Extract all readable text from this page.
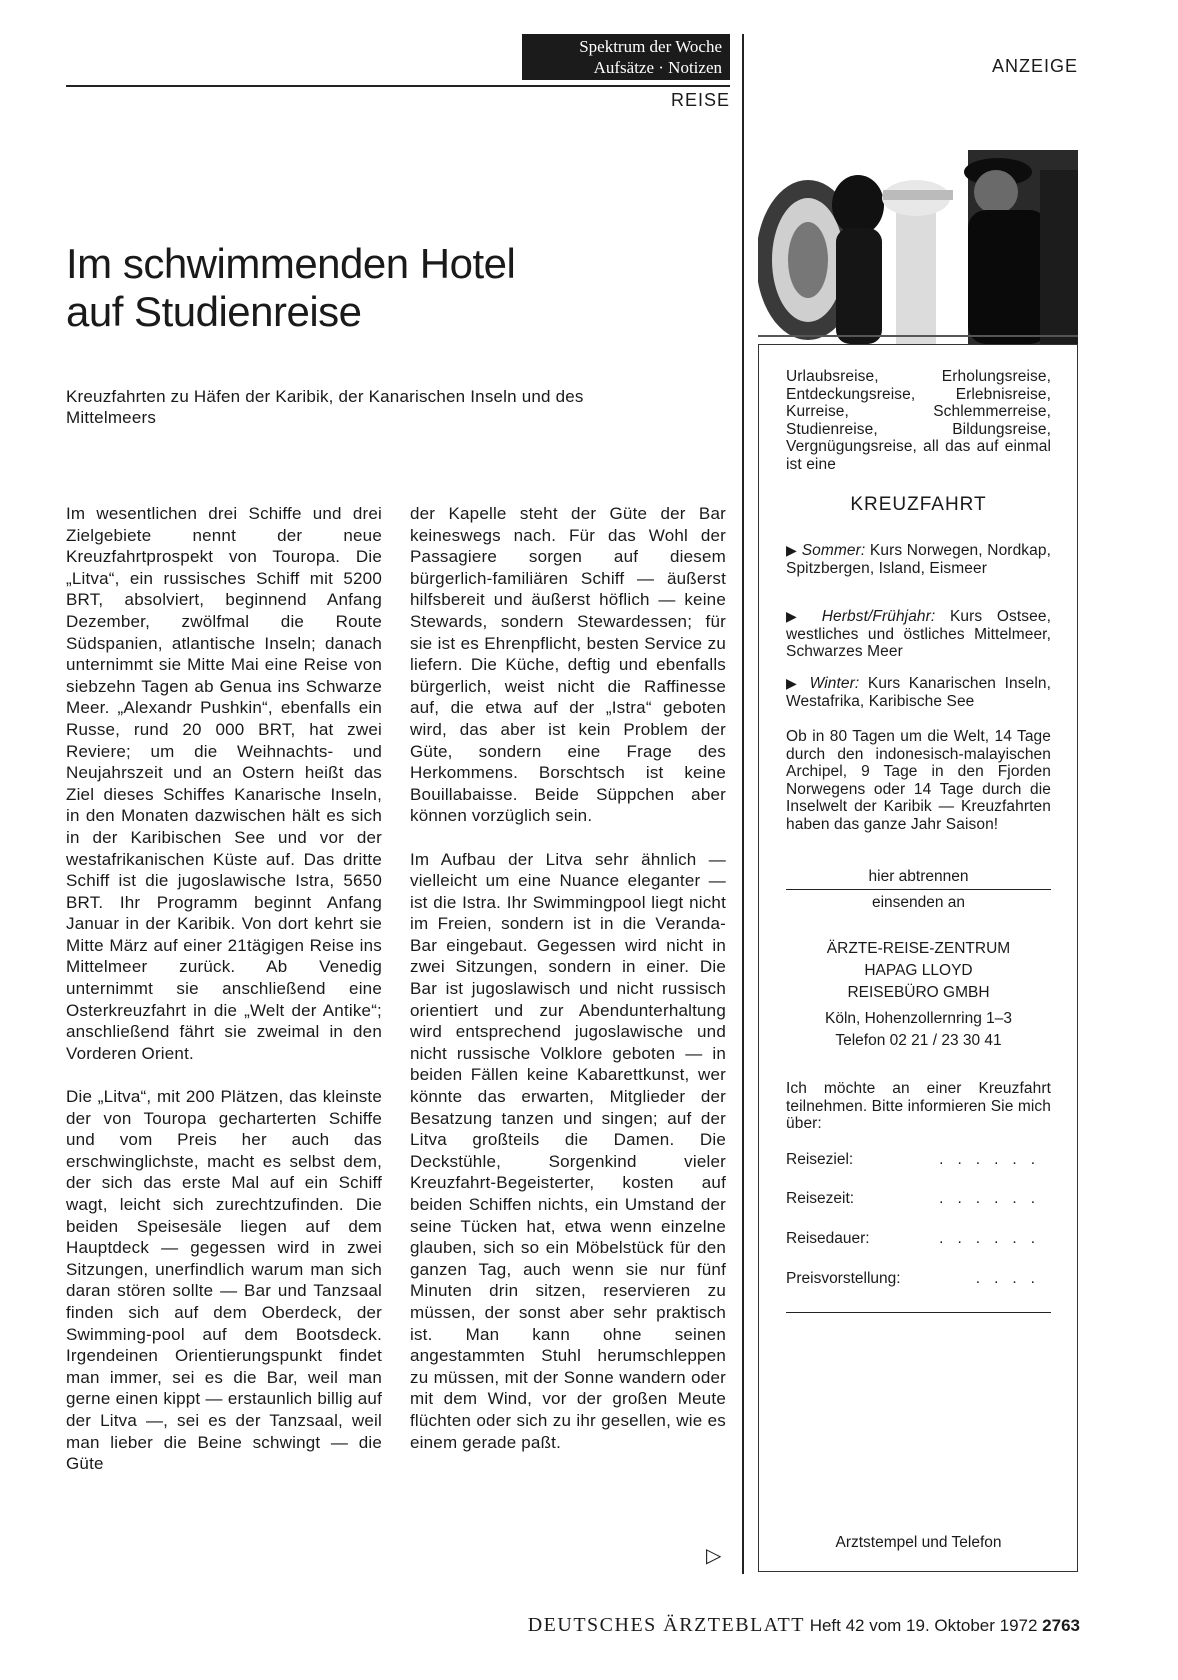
Spektrum der Woche
Aufsätze · Notizen
REISE
ANZEIGE
Im schwimmenden Hotel
auf Studienreise
Kreuzfahrten zu Häfen der Karibik, der Kanarischen Inseln und des Mittelmeers

Im wesentlichen drei Schiffe und drei Zielgebiete nennt der neue Kreuzfahrtprospekt von Touropa. Die „Litva“, ein russisches Schiff mit 5200 BRT, absolviert, beginnend Anfang Dezember, zwölfmal die Route Südspanien, atlantische Inseln; danach unternimmt sie Mitte Mai eine Reise von siebzehn Tagen ab Genua ins Schwarze Meer. „Alexandr Pushkin“, ebenfalls ein Russe, rund 20 000 BRT, hat zwei Reviere; um die Weihnachts- und Neujahrszeit und an Ostern heißt das Ziel dieses Schiffes Kanarische Inseln, in den Monaten dazwischen hält es sich in der Karibischen See und vor der westafrikanischen Küste auf. Das dritte Schiff ist die jugoslawische Istra, 5650 BRT. Ihr Programm beginnt Anfang Januar in der Karibik. Von dort kehrt sie Mitte März auf einer 21tägigen Reise ins Mittelmeer zurück. Ab Venedig unternimmt sie anschließend eine Osterkreuzfahrt in die „Welt der Antike“; anschließend fährt sie zweimal in den Vorderen Orient.

Die „Litva“, mit 200 Plätzen, das kleinste der von Touropa gecharterten Schiffe und vom Preis her auch das erschwinglichste, macht es selbst dem, der sich das erste Mal auf ein Schiff wagt, leicht sich zurechtzufinden. Die beiden Speisesäle liegen auf dem Hauptdeck — gegessen wird in zwei Sitzungen, unerfindlich warum man sich daran stören sollte — Bar und Tanzsaal finden sich auf dem Oberdeck, der Swimming-pool auf dem Bootsdeck. Irgendeinen Orientierungspunkt findet man immer, sei es die Bar, weil man gerne einen kippt — erstaunlich billig auf der Litva —, sei es der Tanzsaal, weil man lieber die Beine schwingt — die Güte

der Kapelle steht der Güte der Bar keineswegs nach. Für das Wohl der Passagiere sorgen auf diesem bürgerlich-familiären Schiff — äußerst hilfsbereit und äußerst höflich — keine Stewards, sondern Stewardessen; für sie ist es Ehrenpflicht, besten Service zu liefern. Die Küche, deftig und ebenfalls bürgerlich, weist nicht die Raffinesse auf, die etwa auf der „Istra“ geboten wird, das aber ist kein Problem der Güte, sondern eine Frage des Herkommens. Borschtsch ist keine Bouillabaisse. Beide Süppchen aber können vorzüglich sein.

Im Aufbau der Litva sehr ähnlich — vielleicht um eine Nuance eleganter — ist die Istra. Ihr Swimmingpool liegt nicht im Freien, sondern ist in die Veranda-Bar eingebaut. Gegessen wird nicht in zwei Sitzungen, sondern in einer. Die Bar ist jugoslawisch und nicht russisch orientiert und zur Abendunterhaltung wird entsprechend jugoslawische und nicht russische Volklore geboten — in beiden Fällen keine Kabarettkunst, wer könnte das erwarten, Mitglieder der Besatzung tanzen und singen; auf der Litva großteils die Damen. Die Deckstühle, Sorgenkind vieler Kreuzfahrt-Begeisterter, kosten auf beiden Schiffen nichts, ein Umstand der seine Tücken hat, etwa wenn einzelne glauben, sich so ein Möbelstück für den ganzen Tag, auch wenn sie nur fünf Minuten drin sitzen, reservieren zu müssen, der sonst aber sehr praktisch ist. Man kann ohne seinen angestammten Stuhl herumschleppen zu müssen, mit der Sonne wandern oder mit dem Wind, vor der großen Meute flüchten oder sich zu ihr gesellen, wie es einem gerade paßt.

▷
Urlaubsreise, Erholungsreise, Entdeckungsreise, Erlebnisreise, Kurreise, Schlemmerreise, Studienreise, Bildungsreise, Vergnügungsreise, all das auf einmal ist eine
KREUZFAHRT
▶ Sommer: Kurs Norwegen, Nordkap, Spitzbergen, Island, Eismeer
▶ Herbst/Frühjahr: Kurs Ostsee, westliches und östliches Mittelmeer, Schwarzes Meer
▶ Winter: Kurs Kanarischen Inseln, Westafrika, Karibische See
Ob in 80 Tagen um die Welt, 14 Tage durch den indonesisch-malayischen Archipel, 9 Tage in den Fjorden Norwegens oder 14 Tage durch die Inselwelt der Karibik — Kreuzfahrten haben das ganze Jahr Saison!
hier abtrennen
einsenden an
ÄRZTE-REISE-ZENTRUM
HAPAG LLOYD
REISEBÜRO GMBH
Köln, Hohenzollernring 1–3
Telefon 02 21 / 23 30 41
Ich möchte an einer Kreuzfahrt teilnehmen. Bitte informieren Sie mich über:
Reiseziel:	......
Reisezeit:	......
Reisedauer:	......
Preisvorstellung:	....
Arztstempel und Telefon
DEUTSCHES ÄRZTEBLATT Heft 42 vom 19. Oktober 1972 2763
